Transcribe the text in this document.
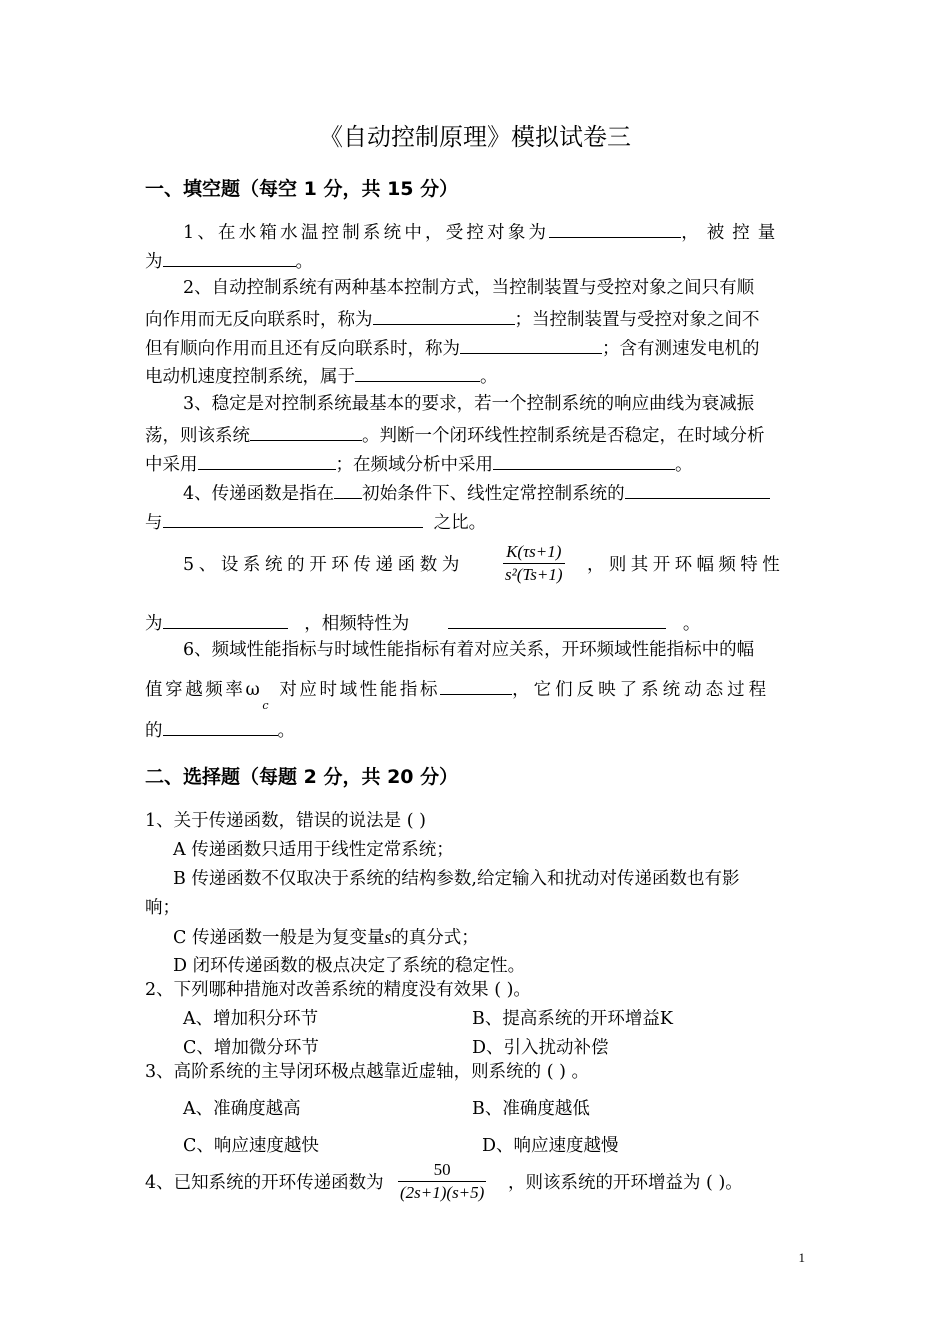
《自动控制原理》模拟试卷三
一、填空题（每空 1 分，共 15 分）
1、在水箱水温控制系统中，受控对象为	，被控量
为	。
2、自动控制系统有两种基本控制方式，当控制装置与受控对象之间只有顺
向作用而无反向联系时，称为	；当控制装置与受控对象之间不
但有顺向作用而且还有反向联系时，称为	；含有测速发电机的
电动机速度控制系统，属于	。
3、稳定是对控制系统最基本的要求，若一个控制系统的响应曲线为衰减振
荡，则该系统	。判断一个闭环线性控制系统是否稳定，在时域分析
中采用	；在频域分析中采用	。
4、传递函数是指在 初始条件下、线性定常控制系统的
与	之比。
5、设系统的开环传递函数为
K(τs+1)
s²(Ts+1) ，则其开环幅频特性
为	，相频特性为	。
6、频域性能指标与时域性能指标有着对应关系，开环频域性能指标中的幅
值穿越频率$\omega_c$ 对应时域性能指标	，它们反映了系统动态过程
的	。
二、选择题（每题 2 分，共 20 分）
1、关于传递函数，错误的说法是 ( )
A 传递函数只适用于线性定常系统；
B 传递函数不仅取决于系统的结构参数,给定输入和扰动对传递函数也有影
响；
C 传递函数一般是为复变量s的真分式；
D 闭环传递函数的极点决定了系统的稳定性。
2、下列哪种措施对改善系统的精度没有效果 ( )。
A、增加积分环节	B、提高系统的开环增益K
C、增加微分环节	D、引入扰动补偿
3、高阶系统的主导闭环极点越靠近虚轴，则系统的 ( ) 。
A、准确度越高	B、准确度越低
C、响应速度越快	D、响应速度越慢
4、已知系统的开环传递函数为
50
(2s+1)(s+5) ，则该系统的开环增益为 ( )。
1
